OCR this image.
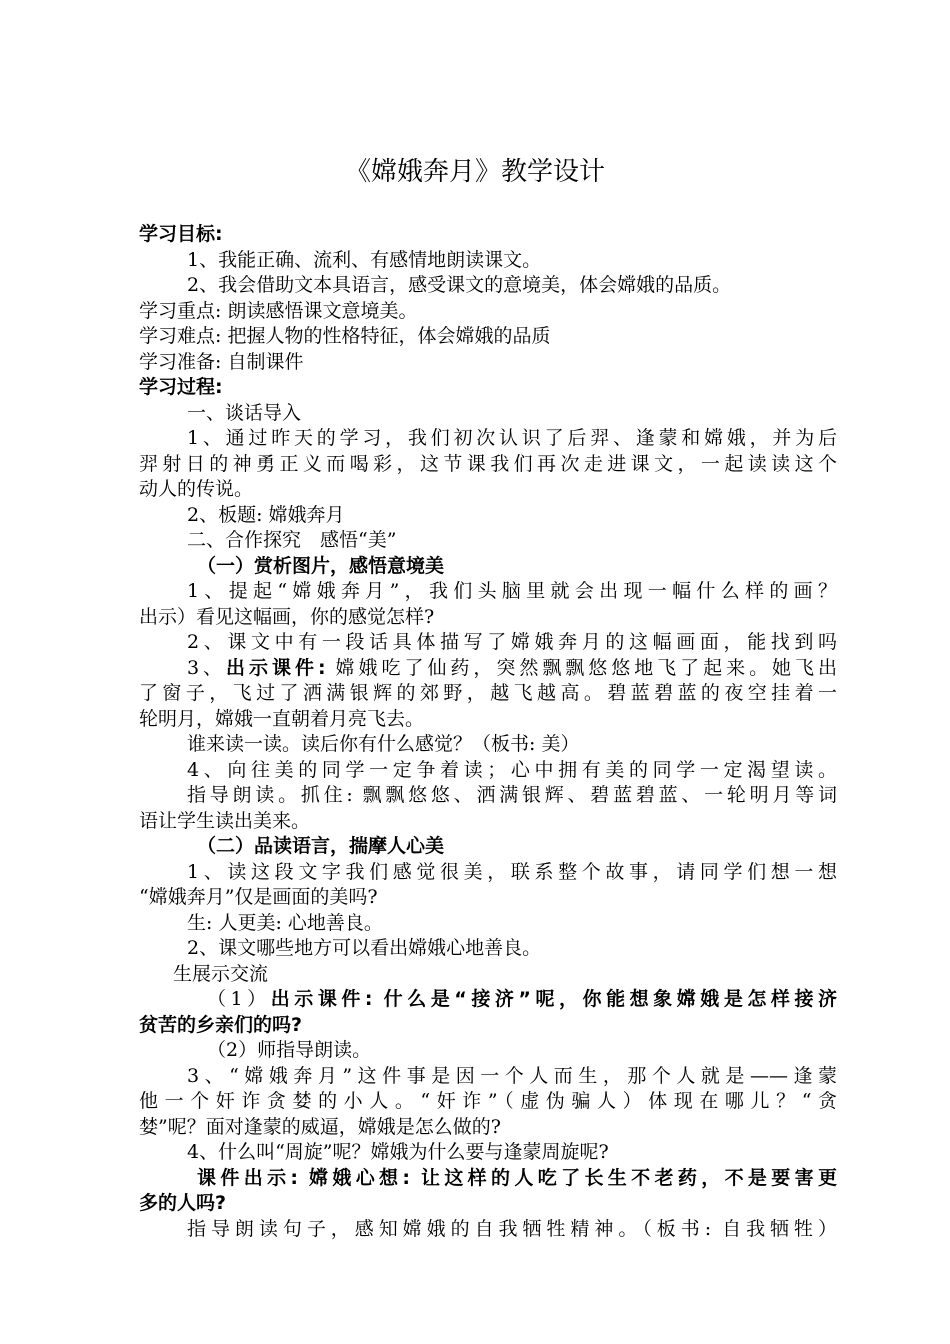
《嫦娥奔月》教学设计
学习目标:
1、我能正确、流利、有感情地朗读课文。
2、我会借助文本具语言，感受课文的意境美，体会嫦娥的品质。
学习重点: 朗读感悟课文意境美。
学习难点: 把握人物的性格特征，体会嫦娥的品质
学习准备: 自制课件
学习过程:
一、谈话导入
1、通过昨天的学习，我们初次认识了后羿、逢蒙和嫦娥，并为后
羿射日的神勇正义而喝彩，这节课我们再次走进课文，一起读读这个
动人的传说。
2、板题: 嫦娥奔月
二、合作探究　感悟“美”
（一）赏析图片，感悟意境美
1、提起“嫦娥奔月”，我们头脑里就会出现一幅什么样的画？
出示）看见这幅画，你的感觉怎样?
2、课文中有一段话具体描写了嫦娥奔月的这幅画面，能找到吗
3、出示课件: 嫦娥吃了仙药，突然飘飘悠悠地飞了起来。她飞出
了窗子，飞过了洒满银辉的郊野，越飞越高。碧蓝碧蓝的夜空挂着一
轮明月，嫦娥一直朝着月亮飞去。
谁来读一读。读后你有什么感觉？（板书: 美）
4、向往美的同学一定争着读；心中拥有美的同学一定渴望读。
指导朗读。抓住: 飘飘悠悠、洒满银辉、碧蓝碧蓝、一轮明月等词
语让学生读出美来。
（二）品读语言，揣摩人心美
1、读这段文字我们感觉很美，联系整个故事，请同学们想一想
“嫦娥奔月”仅是画面的美吗?
生: 人更美: 心地善良。
2、课文哪些地方可以看出嫦娥心地善良。
生展示交流
（1）出示课件: 什么是“接济”呢，你能想象嫦娥是怎样接济
贫苦的乡亲们的吗?
（2）师指导朗读。
3、“嫦娥奔月”这件事是因一个人而生，那个人就是——逢蒙
他一个奸诈贪婪的小人。“奸诈”（虚伪骗人）体现在哪儿？“贪
婪”呢？面对逢蒙的威逼，嫦娥是怎么做的?
4、什么叫“周旋”呢？嫦娥为什么要与逢蒙周旋呢?
课件出示: 嫦娥心想: 让这样的人吃了长生不老药，不是要害更
多的人吗?
指导朗读句子，感知嫦娥的自我牺牲精神。（板书: 自我牺牲）
